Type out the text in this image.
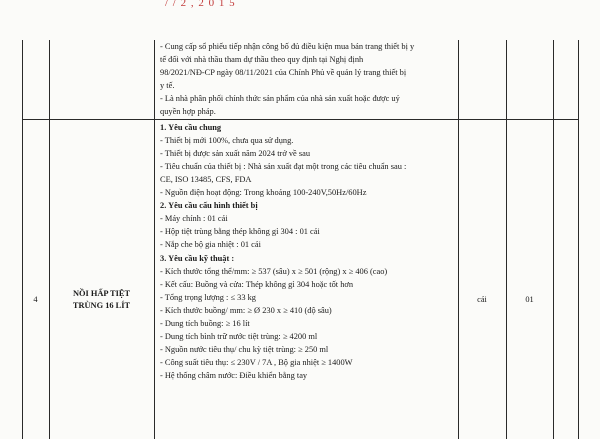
/ / 2 , 2 0 1 5
- Cung cấp sổ phiếu tiếp nhận công bố đủ điều kiện mua bán trang thiết bị y
tế đối với nhà thầu tham dự thầu theo quy định tại Nghị định
98/2021/NĐ-CP ngày 08/11/2021 của Chính Phủ về quản lý trang thiết bị
y tế.
- Là nhà phân phối chính thức sản phẩm của nhà sản xuất hoặc được uỷ
quyền hợp pháp.
4
NỒI HẤP TIỆT
TRÙNG 16 LÍT
cái	01
1. Yêu cầu chung
- Thiết bị mới 100%, chưa qua sử dụng.
- Thiết bị được sản xuất năm 2024 trở về sau
- Tiêu chuẩn của thiết bị : Nhà sản xuất đạt một trong các tiêu chuẩn sau :
CE, ISO 13485, CFS, FDA
- Nguồn điện hoạt động: Trong khoảng 100-240V,50Hz/60Hz
2. Yêu cầu cấu hình thiết bị
- Máy chính : 01 cái
- Hộp tiệt trùng bằng thép không gỉ 304 : 01 cái
- Nắp che bộ gia nhiệt : 01 cái
3. Yêu cầu kỹ thuật :
- Kích thước tổng thể/mm: ≥ 537 (sâu) x ≥ 501 (rộng) x ≥ 406 (cao)
- Kết cấu: Buồng và cửa: Thép không gỉ 304 hoặc tốt hơn
- Tổng trọng lượng : ≤ 33 kg
- Kích thước buồng/ mm: ≥ Ø 230 x ≥ 410 (độ sâu)
- Dung tích buồng: ≥ 16 lít
- Dung tích bình trữ nước tiệt trùng: ≥ 4200 ml
- Nguồn nước tiêu thụ/ chu kỳ tiệt trùng: ≥ 250 ml
- Công suất tiêu thụ: ≤ 230V / 7A , Bộ gia nhiệt ≥ 1400W
- Hệ thống châm nước: Điều khiển bằng tay
